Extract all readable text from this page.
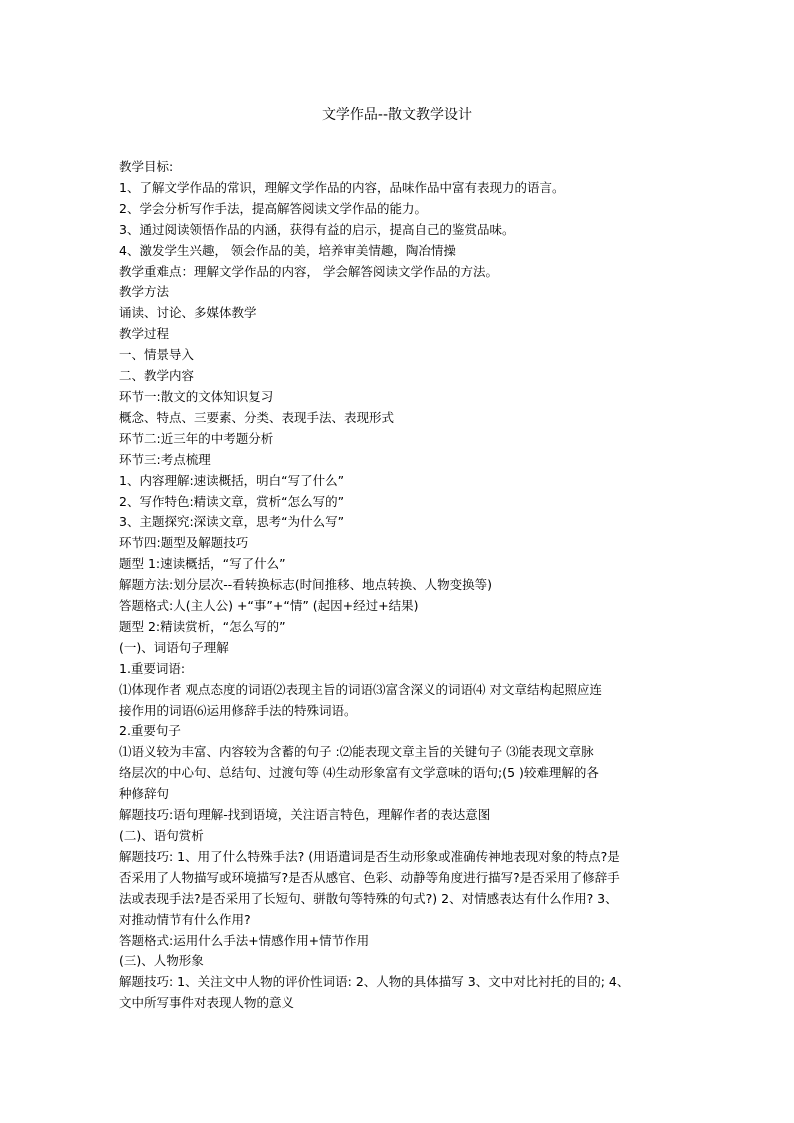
文学作品--散文教学设计
教学目标:
1、了解文学作品的常识，理解文学作品的内容，品味作品中富有表现力的语言。
2、学会分析写作手法，提高解答阅读文学作品的能力。
3、通过阅读领悟作品的内涵，获得有益的启示，提高自己的鉴赏品味。
4、激发学生兴趣， 领会作品的美，培养审美情趣，陶冶情操
教学重难点：理解文学作品的内容， 学会解答阅读文学作品的方法。
教学方法
诵读、讨论、多媒体教学
教学过程
一、情景导入
二、教学内容
环节一:散文的文体知识复习
概念、特点、三要素、分类、表现手法、表现形式
环节二:近三年的中考题分析
环节三:考点梳理
1、内容理解:速读概括，明白“写了什么”
2、写作特色:精读文章，赏析“怎么写的”
3、主题探究:深读文章，思考“为什么写”
环节四:题型及解题技巧
题型 1:速读概括，“写了什么”
解题方法:划分层次--看转换标志(时间推移、地点转换、人物变换等)
答题格式:人(主人公) +“事”+“情” (起因+经过+结果)
题型 2:精读赏析，“怎么写的”
(一)、词语句子理解
1.重要词语:
⑴体现作者 观点态度的词语⑵表现主旨的词语⑶富含深义的词语⑷ 对文章结构起照应连
接作用的词语⑹运用修辞手法的特殊词语。
2.重要句子
⑴语义较为丰富、内容较为含蓄的句子 :⑵能表现文章主旨的关键句子 ⑶能表现文章脉
络层次的中心句、总结句、过渡句等 ⑷生动形象富有文学意味的语句;(5 )较难理解的各
种修辞句
解题技巧:语句理解-找到语境，关注语言特色，理解作者的表达意图
(二)、语句赏析
解题技巧: 1、用了什么特殊手法? (用语遣词是否生动形象或准确传神地表现对象的特点?是
否采用了人物描写或环境描写?是否从感官、色彩、动静等角度进行描写?是否采用了修辞手
法或表现手法?是否采用了长短句、骈散句等特殊的句式?) 2、对情感表达有什么作用? 3、
对推动情节有什么作用?
答题格式:运用什么手法+情感作用+情节作用
(三)、人物形象
解题技巧: 1、关注文中人物的评价性词语: 2、人物的具体描写 3、文中对比衬托的目的; 4、
文中所写事件对表现人物的意义
